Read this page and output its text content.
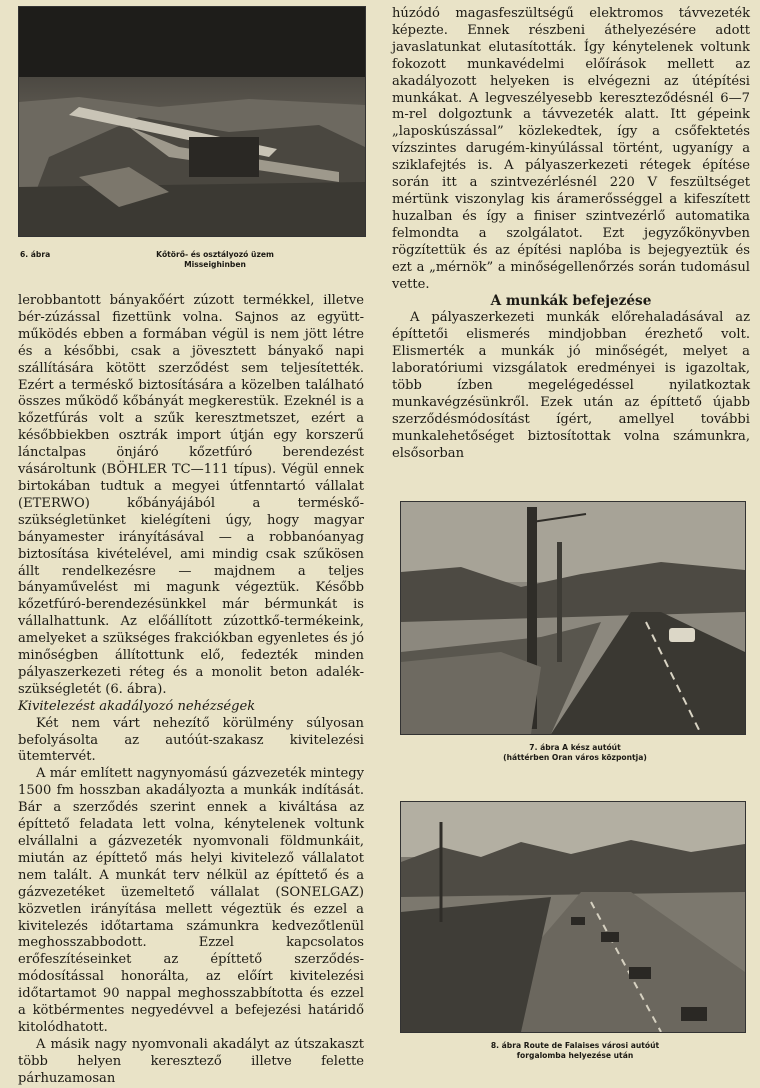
6. ábra	Kőtörő- és osztályozó üzem
Misseighinben

lerobbantott bányakőért zúzott termékkel, illetve bér-zúzással fizettünk volna. Sajnos az együtt-működés ebben a formában végül is nem jött létre és a későbbi, csak a jövesztett bányakő napi szállítására kötött szerződést sem teljesítették. Ezért a terméskő biztosítására a közelben található összes működő kőbányát megkerestük. Ezeknél is a kőzetfúrás volt a szűk keresztmetszet, ezért a későbbiekben osztrák import útján egy korszerű lánctalpas önjáró kőzetfúró berendezést vásároltunk (BÖHLER TC—111 típus). Végül ennek birtokában tudtuk a megyei útfenntartó vállalat (ETERWO) kőbányájából a terméskő-szükségletünket kielégíteni úgy, hogy magyar bányamester irányításával — a robbanóanyag biztosítása kivételével, ami mindig csak szűkösen állt rendelkezésre — majdnem a teljes bányaművelést mi magunk végeztük. Később kőzetfúró-berendezésünkkel már bérmunkát is vállalhattunk. Az előállított zúzottkő-termékeink, amelyeket a szükséges frakciókban egyenletes és jó minőségben állítottunk elő, fedezték minden pályaszerkezeti réteg és a monolit beton adalék-szükségletét (6. ábra).

Kivitelezést akadályozó nehézségek

Két nem várt nehezítő körülmény súlyosan befolyásolta az autóút-szakasz kivitelezési ütemtervét.

A már említett nagynyomású gázvezeték mintegy 1500 fm hosszban akadályozta a munkák indítását. Bár a szerződés szerint ennek a kiváltása az építtető feladata lett volna, kénytelenek voltunk elvállalni a gázvezeték nyomvonali földmunkáit, miután az építtető más helyi kivitelező vállalatot nem talált. A munkát terv nélkül az építtető és a gázvezetéket üzemeltető vállalat (SONELGAZ) közvetlen irányítása mellett végeztük és ezzel a kivitelezés időtartama számunkra kedvezőtlenül meghosszabbodott. Ezzel kapcsolatos erőfeszítéseinket az építtető szerződés-módosítással honorálta, az előírt kivitelezési időtartamot 90 nappal meghosszabbította és ezzel a kötbérmentes negyedévvel a befejezési határidő kitolódhatott.

A másik nagy nyomvonali akadályt az útszakaszt több helyen keresztező illetve felette párhuzamosan

húzódó magasfeszültségű elektromos távvezeték képezte. Ennek részbeni áthelyezésére adott javaslatunkat elutasították. Így kénytelenek voltunk fokozott munkavédelmi előírások mellett az akadályozott helyeken is elvégezni az útépítési munkákat. A legveszélyesebb kereszteződésnél 6—7 m-rel dolgoztunk a távvezeték alatt. Itt gépeink „laposkúszással” közlekedtek, így a csőfektetés vízszintes darugém-kinyúlással történt, ugyanígy a sziklafejtés is. A pályaszerkezeti rétegek építése során itt a szintvezérlésnél 220 V feszültséget mértünk viszonylag kis áramerősséggel a kifeszített huzalban és így a finiser szintvezérlő automatika felmondta a szolgálatot. Ezt jegyzőkönyvben rögzítettük és az építési naplóba is bejegyeztük és ezt a „mérnök” a minőségellenőrzés során tudomásul vette.

A munkák befejezése

A pályaszerkezeti munkák előrehaladásával az építtetői elismerés mindjobban érezhető volt. Elismerték a munkák jó minőségét, melyet a laboratóriumi vizsgálatok eredményei is igazoltak, több ízben megelégedéssel nyilatkoztak munkavégzésünkről. Ezek után az építtető újabb szerződésmódosítást ígért, amellyel további munkalehetőséget biztosítottak volna számunkra, elsősorban

7. ábra A kész autóút
(háttérben Oran város központja)
8. ábra Route de Falaises városi autóút
forgalomba helyezése után
